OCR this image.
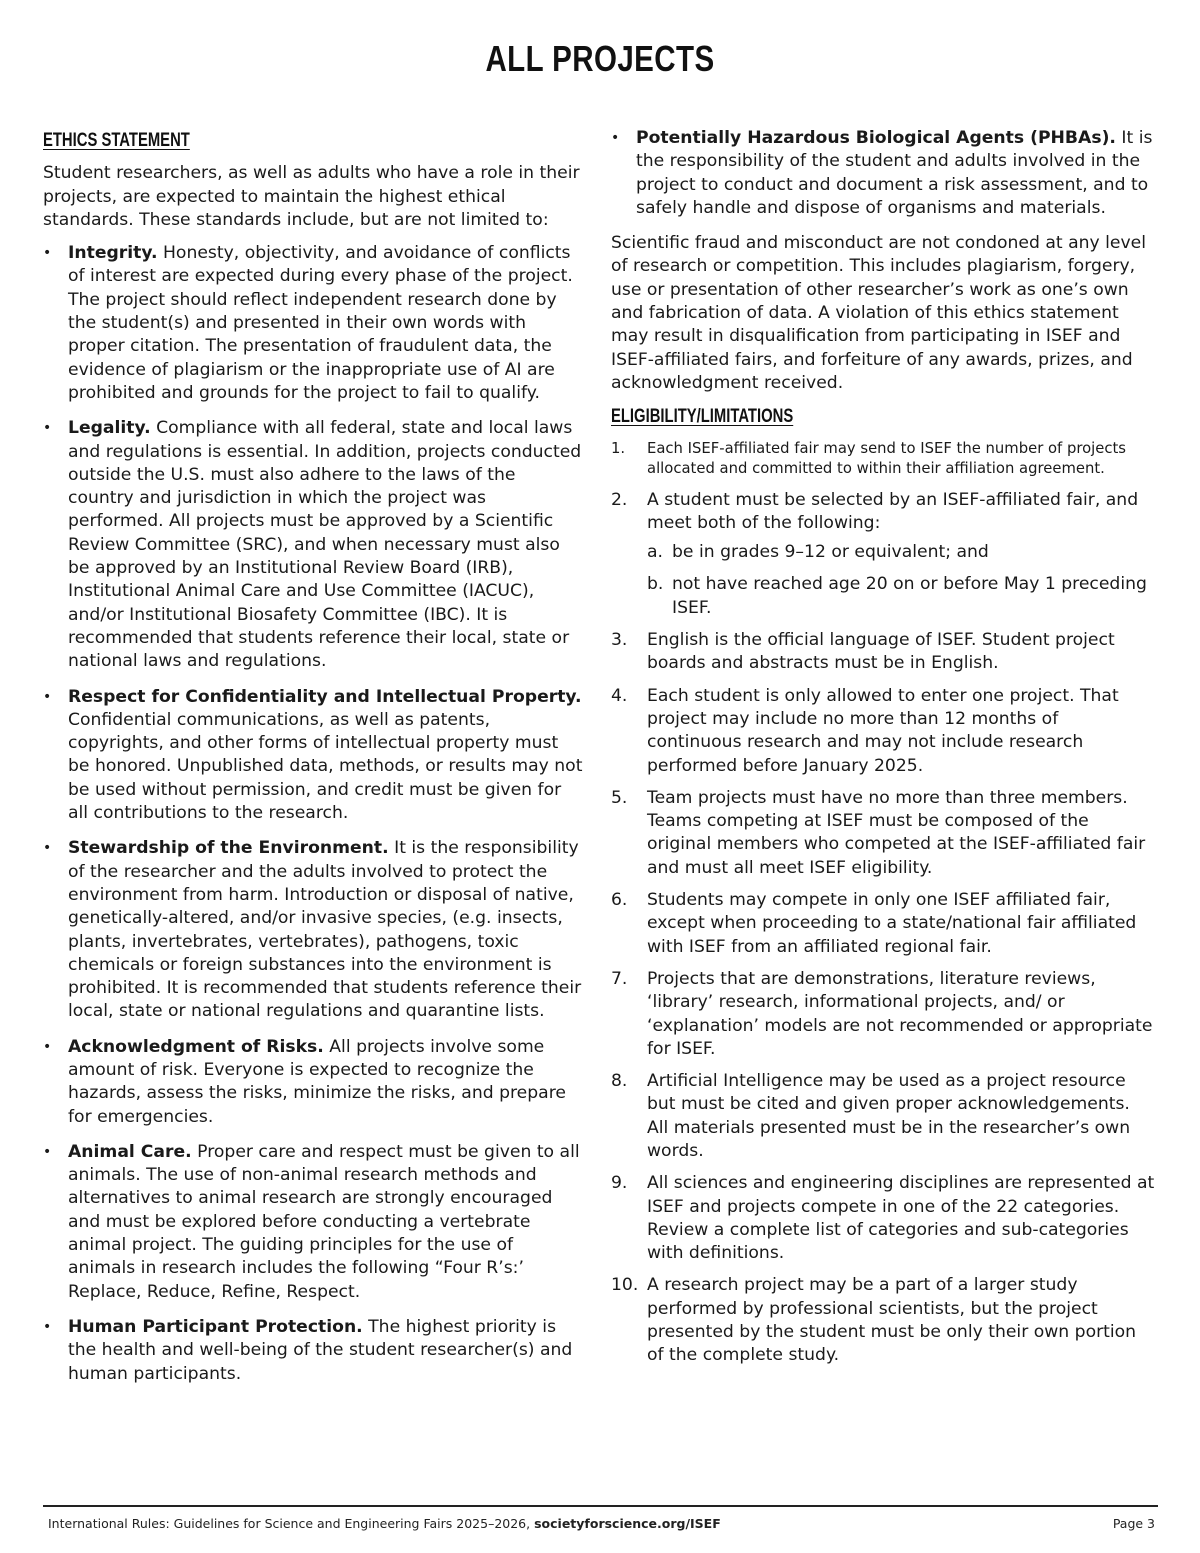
ALL PROJECTS
ETHICS STATEMENT

Student researchers, as well as adults who have a role in their projects, are expected to maintain the highest ethical standards. These standards include, but are not limited to:

• Integrity. Honesty, objectivity, and avoidance of conflicts of interest are expected during every phase of the project. The project should reflect independent research done by the student(s) and presented in their own words with proper citation. The presentation of fraudulent data, the evidence of plagiarism or the inappropriate use of AI are prohibited and grounds for the project to fail to qualify.
• Legality. Compliance with all federal, state and local laws and regulations is essential. In addition, projects conducted outside the U.S. must also adhere to the laws of the country and jurisdiction in which the project was performed. All projects must be approved by a Scientific Review Committee (SRC), and when necessary must also be approved by an Institutional Review Board (IRB), Institutional Animal Care and Use Committee (IACUC), and/or Institutional Biosafety Committee (IBC). It is recommended that students reference their local, state or national laws and regulations.
• Respect for Confidentiality and Intellectual Property. Confidential communications, as well as patents, copyrights, and other forms of intellectual property must be honored. Unpublished data, methods, or results may not be used without permission, and credit must be given for all contributions to the research.
• Stewardship of the Environment. It is the responsibility of the researcher and the adults involved to protect the environment from harm. Introduction or disposal of native, genetically-altered, and/or invasive species, (e.g. insects, plants, invertebrates, vertebrates), pathogens, toxic chemicals or foreign substances into the environment is prohibited. It is recommended that students reference their local, state or national regulations and quarantine lists.
• Acknowledgment of Risks. All projects involve some amount of risk. Everyone is expected to recognize the hazards, assess the risks, minimize the risks, and prepare for emergencies.
• Animal Care. Proper care and respect must be given to all animals. The use of non-animal research methods and alternatives to animal research are strongly encouraged and must be explored before conducting a vertebrate animal project. The guiding principles for the use of animals in research includes the following “Four R’s:’ Replace, Reduce, Refine, Respect.
• Human Participant Protection. The highest priority is the health and well-being of the student researcher(s) and human participants.
• Potentially Hazardous Biological Agents (PHBAs). It is the responsibility of the student and adults involved in the project to conduct and document a risk assessment, and to safely handle and dispose of organisms and materials.

Scientific fraud and misconduct are not condoned at any level of research or competition. This includes plagiarism, forgery, use or presentation of other researcher’s work as one’s own and fabrication of data. A violation of this ethics statement may result in disqualification from participating in ISEF and ISEF-affiliated fairs, and forfeiture of any awards, prizes, and acknowledgment received.

ELIGIBILITY/LIMITATIONS
1. Each ISEF-affiliated fair may send to ISEF the number of projects allocated and committed to within their affiliation agreement.
2. A student must be selected by an ISEF-affiliated fair, and meet both of the following:
a. be in grades 9–12 or equivalent; and
b. not have reached age 20 on or before May 1 preceding ISEF.
3. English is the official language of ISEF. Student project boards and abstracts must be in English.
4. Each student is only allowed to enter one project. That project may include no more than 12 months of continuous research and may not include research performed before January 2025.
5. Team projects must have no more than three members. Teams competing at ISEF must be composed of the original members who competed at the ISEF-affiliated fair and must all meet ISEF eligibility.
6. Students may compete in only one ISEF affiliated fair, except when proceeding to a state/national fair affiliated with ISEF from an affiliated regional fair.
7. Projects that are demonstrations, literature reviews, ‘library’ research, informational projects, and/ or ‘explanation’ models are not recommended or appropriate for ISEF.
8. Artificial Intelligence may be used as a project resource but must be cited and given proper acknowledgements. All materials presented must be in the researcher’s own words.
9. All sciences and engineering disciplines are represented at ISEF and projects compete in one of the 22 categories. Review a complete list of categories and sub-categories with definitions.
10. A research project may be a part of a larger study performed by professional scientists, but the project presented by the student must be only their own portion of the complete study.
International Rules: Guidelines for Science and Engineering Fairs 2025–2026, societyforscience.org/ISEF	Page 3
